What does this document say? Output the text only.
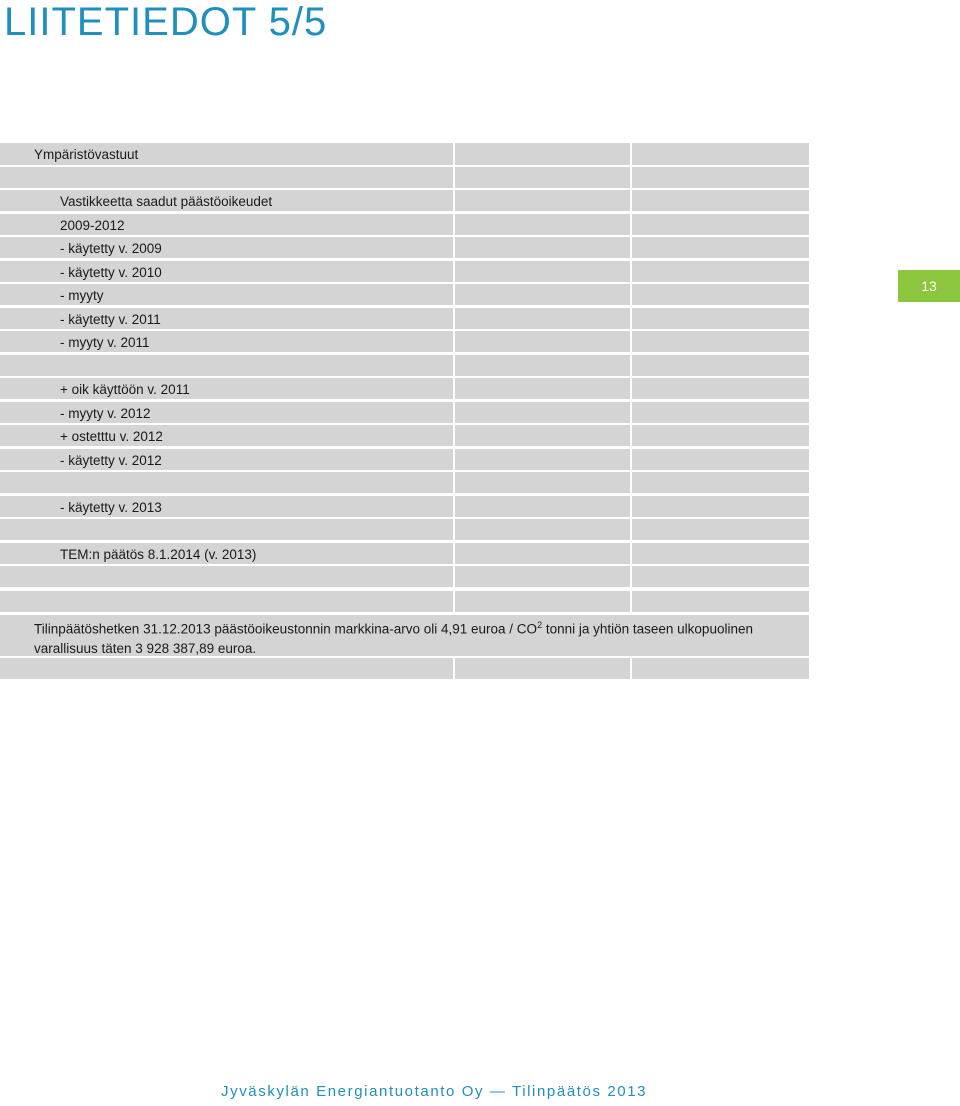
LIITETIEDOT 5/5
13
Ympäristövastuut
Vastikkeetta saadut päästöoikeudet
2009-2012
- käytetty v. 2009
- käytetty v. 2010
- myyty
- käytetty v. 2011
- myyty v. 2011
+ oik käyttöön v. 2011
- myyty v. 2012
+ ostetttu v. 2012
- käytetty v. 2012
- käytetty v. 2013
TEM:n päätös 8.1.2014 (v. 2013)
Tilinpäätöshetken 31.12.2013 päästöoikeustonnin markkina-arvo oli 4,91 euroa / $CO^2$ tonni ja yhtiön taseen ulkopuolinen varallisuus täten 3 928 387,89 euroa.
Jyväskylän Energiantuotanto Oy — Tilinpäätös 2013
